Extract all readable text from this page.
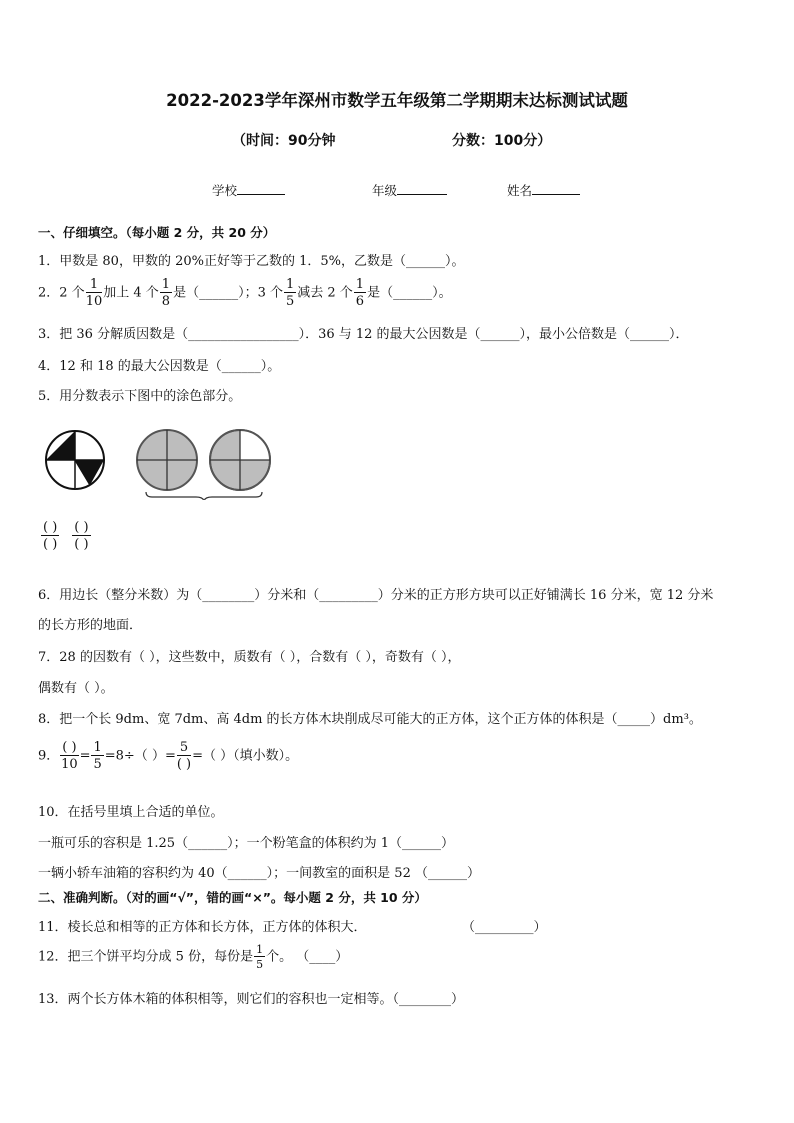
2022-2023学年深州市数学五年级第二学期期末达标测试试题
（时间：90分钟	分数：100分）
学校	年级	姓名
一、仔细填空。（每小题 2 分，共 20 分）
1．甲数是 80，甲数的 20%正好等于乙数的 1．5%，乙数是（______）。
2．2 个 $\frac{1}{10}$ 加上 4 个 $\frac{1}{8}$ 是（______）；3 个 $\frac{1}{5}$ 减去 2 个 $\frac{1}{6}$ 是（______）。
3．把 36 分解质因数是（_________________）．36 与 12 的最大公因数是（______），最小公倍数是（______）．
4．12 和 18 的最大公因数是（______）。
5．用分数表示下图中的涂色部分。
$\frac{( )}{( )} \frac{( )}{( )}$
6．用边长（整分米数）为（________）分米和（_________）分米的正方形方块可以正好铺满长 16 分米，宽 12 分米
的长方形的地面．
7．28 的因数有（ ），这些数中，质数有（ ），合数有（ ），奇数有（ ），
偶数有（ ）。
8．把一个长 9dm、宽 7dm、高 4dm 的长方体木块削成尽可能大的正方体，这个正方体的体积是（_____）dm³。
9． $\frac{( )}{10} = \frac{1}{5} =8\div$（ ）= $\frac{5}{( )}$ =（ ）（填小数）。
10．在括号里填上合适的单位。
一瓶可乐的容积是 1.25（______）；一个粉笔盒的体积约为 1（______）
一辆小轿车油箱的容积约为 40（______）；一间教室的面积是 52 （______）
二、准确判断。（对的画“√”，错的画“×”。每小题 2 分，共 10 分）
11．棱长总和相等的正方体和长方体，正方体的体积大．	（_________）
12．把三个饼平均分成 5 份，每份是 $\frac{1}{5}$ 个。 （____）
13．两个长方体木箱的体积相等，则它们的容积也一定相等。（________）
